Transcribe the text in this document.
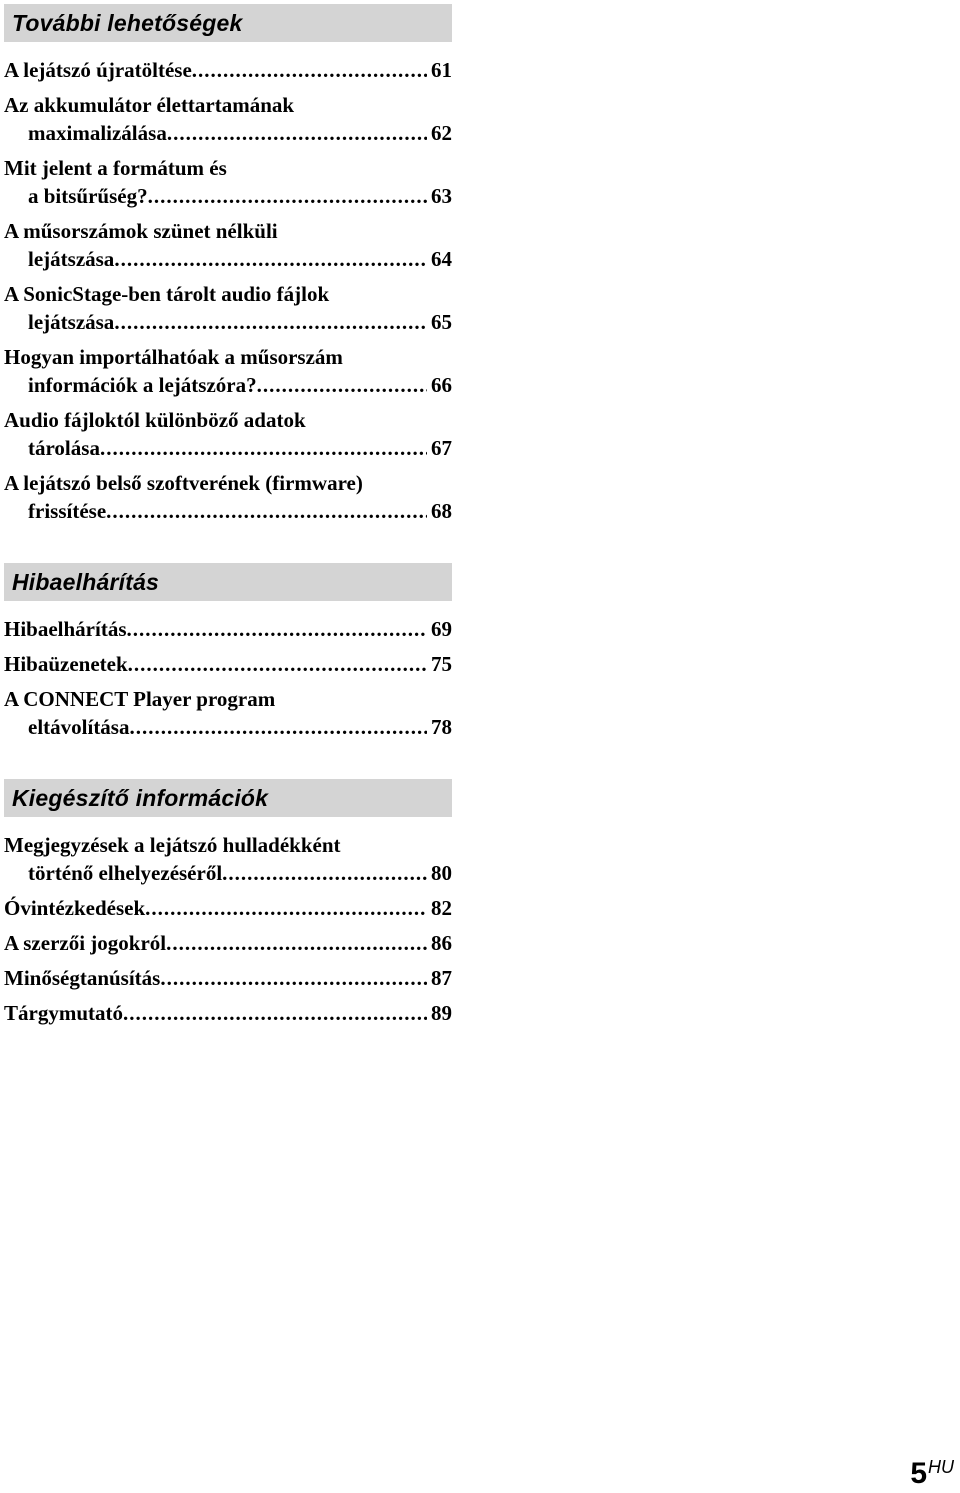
További lehetőségek
A lejátszó újratöltése .....	61
Az akkumulátor élettartamának
maximalizálása .....	62
Mit jelent a formátum és
a bitsűrűség? .....	63
A műsorszámok szünet nélküli
lejátszása .....	64
A SonicStage-ben tárolt audio fájlok
lejátszása .....	65
Hogyan importálhatóak a műsorszám
információk a lejátszóra? .....	66
Audio fájloktól különböző adatok
tárolása .....	67
A lejátszó belső szoftverének (firmware)
frissítése .....	68
Hibaelhárítás
Hibaelhárítás .....	69
Hibaüzenetek .....	75
A CONNECT Player program
eltávolítása .....	78
Kiegészítő információk
Megjegyzések a lejátszó hulladékként
történő elhelyezéséről .....	80
Óvintézkedések .....	82
A szerzői jogokról .....	86
Minőségtanúsítás .....	87
Tárgymutató .....	89
5 HU
